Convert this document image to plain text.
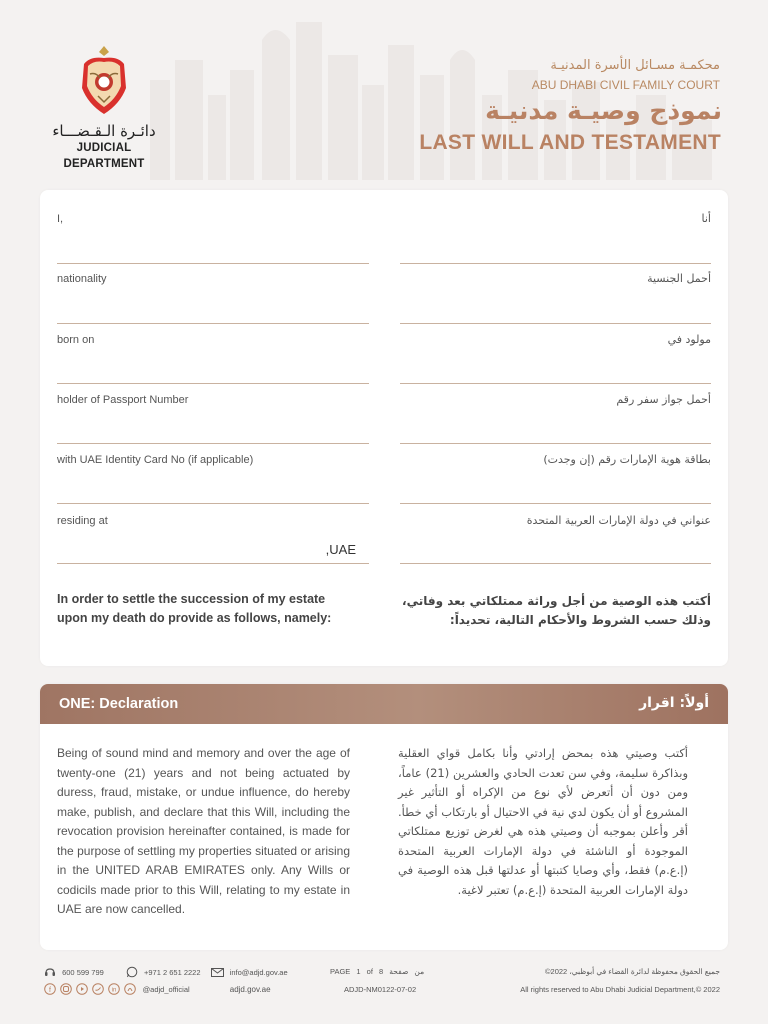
دائـرة الـقـضـــاء
JUDICIAL DEPARTMENT
محكمـة مسـائل الأسرة المدنيـة
ABU DHABI CIVIL FAMILY COURT
نموذج وصيـة مدنيـة
LAST WILL AND TESTAMENT
I,	أنا
nationality	أحمل الجنسية
born on	مولود في
holder of Passport Number	أحمل جواز سفر رقم
with UAE Identity Card No (if applicable)	بطاقة هوية الإمارات رقم (إن وجدت)
residing at	عنواني في دولة الإمارات العربية المتحدة
,UAE
In order to settle the succession of my estate upon my death do provide as follows, namely:
أكتب هذه الوصية من أجل وراثة ممتلكاتي بعد وفاتي، وذلك حسب الشروط والأحكام التالية، تحديداً:
ONE: Declaration	أولاً: اقرار
Being of sound mind and memory and over the age of twenty-one (21) years and not being actuated by duress, fraud, mistake, or undue influence, do hereby make, publish, and declare that this Will, including the revocation provision hereinafter contained, is made for the purpose of settling my properties situated or arising in the UNITED ARAB EMIRATES only. Any Wills or codicils made prior to this Will, relating to my estate in UAE are now cancelled.
أكتب وصيتي هذه بمحض إرادتي وأنا بكامل قواي العقلية وبذاكرة سليمة، وفي سن تعدت الحادي والعشرين (21) عاماً، ومن دون أن أتعرض لأي نوع من الإكراه أو التأثير غير المشروع أو أن يكون لدي نية في الاحتيال أو بارتكاب أي خطأ. أقر وأعلن بموجبه أن وصيتي هذه هي لغرض توزيع ممتلكاتي الموجودة أو الناشئة في دولة الإمارات العربية المتحدة (إ.ع.م) فقط، وأي وصايا كتبتها أو عدلتها قبل هذه الوصية في دولة الإمارات العربية المتحدة (إ.ع.م) تعتبر لاغية.
600 599 799	+971 2 651 2222	info@adjd.gov.ae
f
	in	@adjd_official	adjd.gov.ae
PAGE 1 of 8	من صفحة
ADJD-NM0122-07-02
جميع الحقوق محفوظة لدائرة القضاء في أبوظبي، 2022©
All rights reserved to Abu Dhabi Judicial Department,© 2022
